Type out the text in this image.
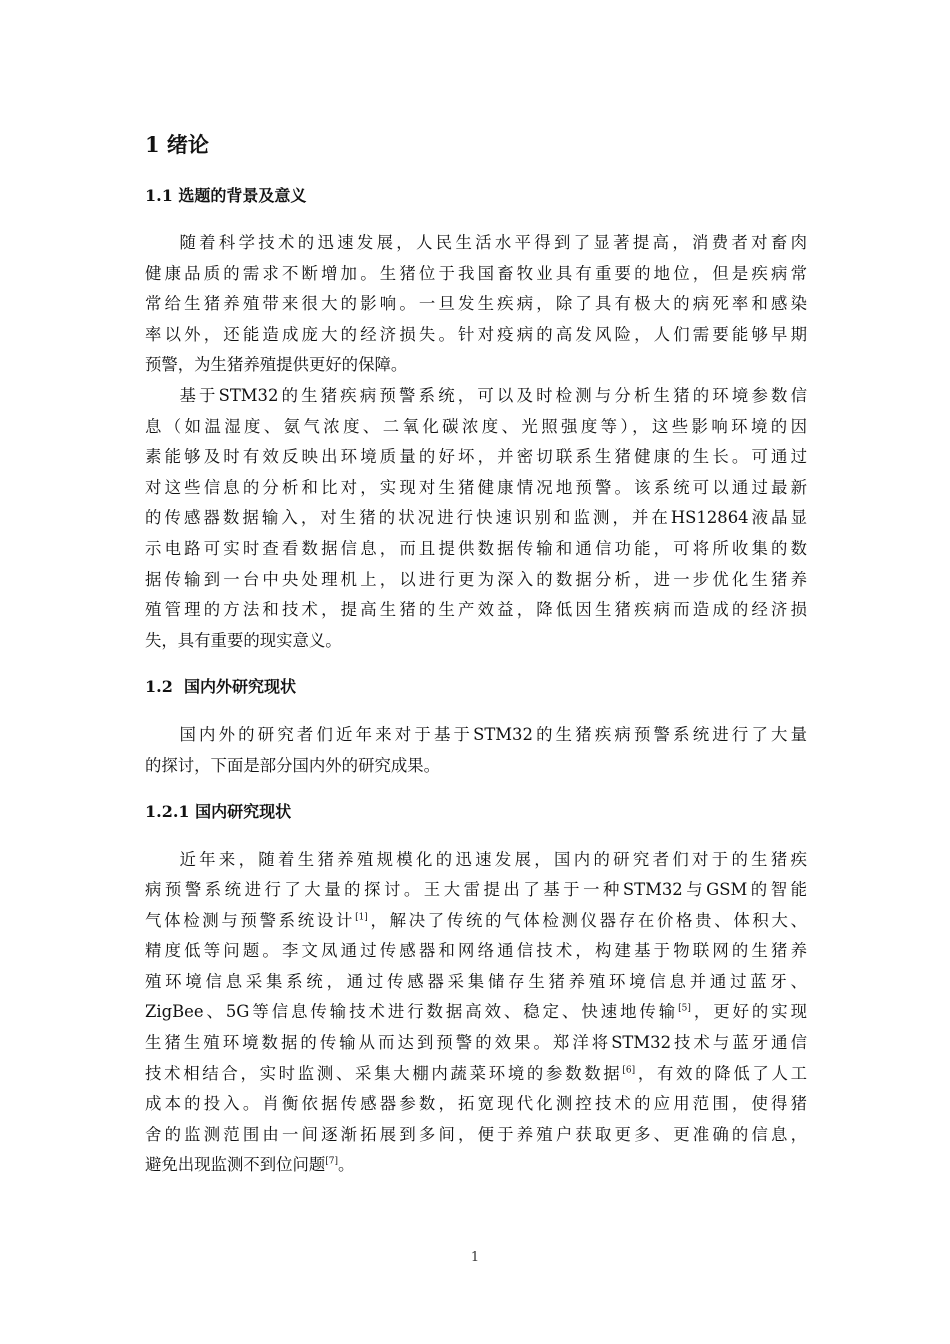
1 绪论
1.1 选题的背景及意义

随着科学技术的迅速发展，人民生活水平得到了显著提高，消费者对畜肉
健康品质的需求不断增加。生猪位于我国畜牧业具有重要的地位，但是疾病常
常给生猪养殖带来很大的影响。一旦发生疾病，除了具有极大的病死率和感染
率以外，还能造成庞大的经济损失。针对疫病的高发风险，人们需要能够早期
预警，为生猪养殖提供更好的保障。

基于STM32的生猪疾病预警系统，可以及时检测与分析生猪的环境参数信
息（如温湿度、氨气浓度、二氧化碳浓度、光照强度等），这些影响环境的因
素能够及时有效反映出环境质量的好坏，并密切联系生猪健康的生长。可通过
对这些信息的分析和比对，实现对生猪健康情况地预警。该系统可以通过最新
的传感器数据输入，对生猪的状况进行快速识别和监测，并在HS12864液晶显
示电路可实时查看数据信息，而且提供数据传输和通信功能，可将所收集的数
据传输到一台中央处理机上，以进行更为深入的数据分析，进一步优化生猪养
殖管理的方法和技术，提高生猪的生产效益，降低因生猪疾病而造成的经济损
失，具有重要的现实意义。

1.2  国内外研究现状

国内外的研究者们近年来对于基于STM32的生猪疾病预警系统进行了大量
的探讨，下面是部分国内外的研究成果。

1.2.1 国内研究现状

近年来，随着生猪养殖规模化的迅速发展，国内的研究者们对于的生猪疾
病预警系统进行了大量的探讨。王大雷提出了基于一种STM32与GSM的智能
气体检测与预警系统设计[1]，解决了传统的气体检测仪器存在价格贵、体积大、
精度低等问题。李文凤通过传感器和网络通信技术，构建基于物联网的生猪养
殖环境信息采集系统，通过传感器采集储存生猪养殖环境信息并通过蓝牙、
ZigBee、5G等信息传输技术进行数据高效、稳定、快速地传输[5]，更好的实现
生猪生殖环境数据的传输从而达到预警的效果。郑洋将STM32技术与蓝牙通信
技术相结合，实时监测、采集大棚内蔬菜环境的参数数据[6]，有效的降低了人工
成本的投入。肖衡依据传感器参数，拓宽现代化测控技术的应用范围，使得猪
舍的监测范围由一间逐渐拓展到多间，便于养殖户获取更多、更准确的信息，
避免出现监测不到位问题[7]。

1
